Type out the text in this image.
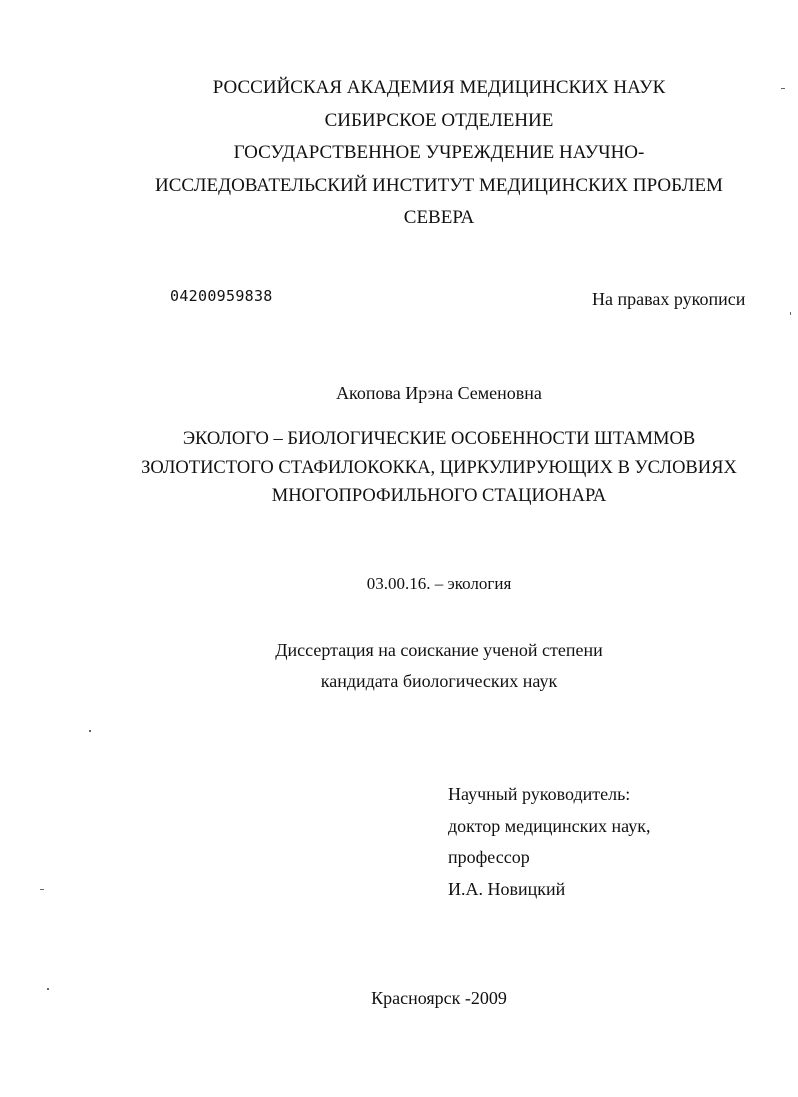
РОССИЙСКАЯ АКАДЕМИЯ МЕДИЦИНСКИХ НАУК
СИБИРСКОЕ ОТДЕЛЕНИЕ
ГОСУДАРСТВЕННОЕ УЧРЕЖДЕНИЕ НАУЧНО-
ИССЛЕДОВАТЕЛЬСКИЙ ИНСТИТУТ МЕДИЦИНСКИХ ПРОБЛЕМ
СЕВЕРА
04200959838	На правах рукописи
Акопова Ирэна Семеновна
ЭКОЛОГО – БИОЛОГИЧЕСКИЕ ОСОБЕННОСТИ ШТАММОВ
ЗОЛОТИСТОГО СТАФИЛОКОККА, ЦИРКУЛИРУЮЩИХ В УСЛОВИЯХ
МНОГОПРОФИЛЬНОГО СТАЦИОНАРА
03.00.16. – экология
Диссертация на соискание ученой степени
кандидата биологических наук
Научный руководитель:
доктор медицинских наук,
профессор
И.А. Новицкий
Красноярск -2009
